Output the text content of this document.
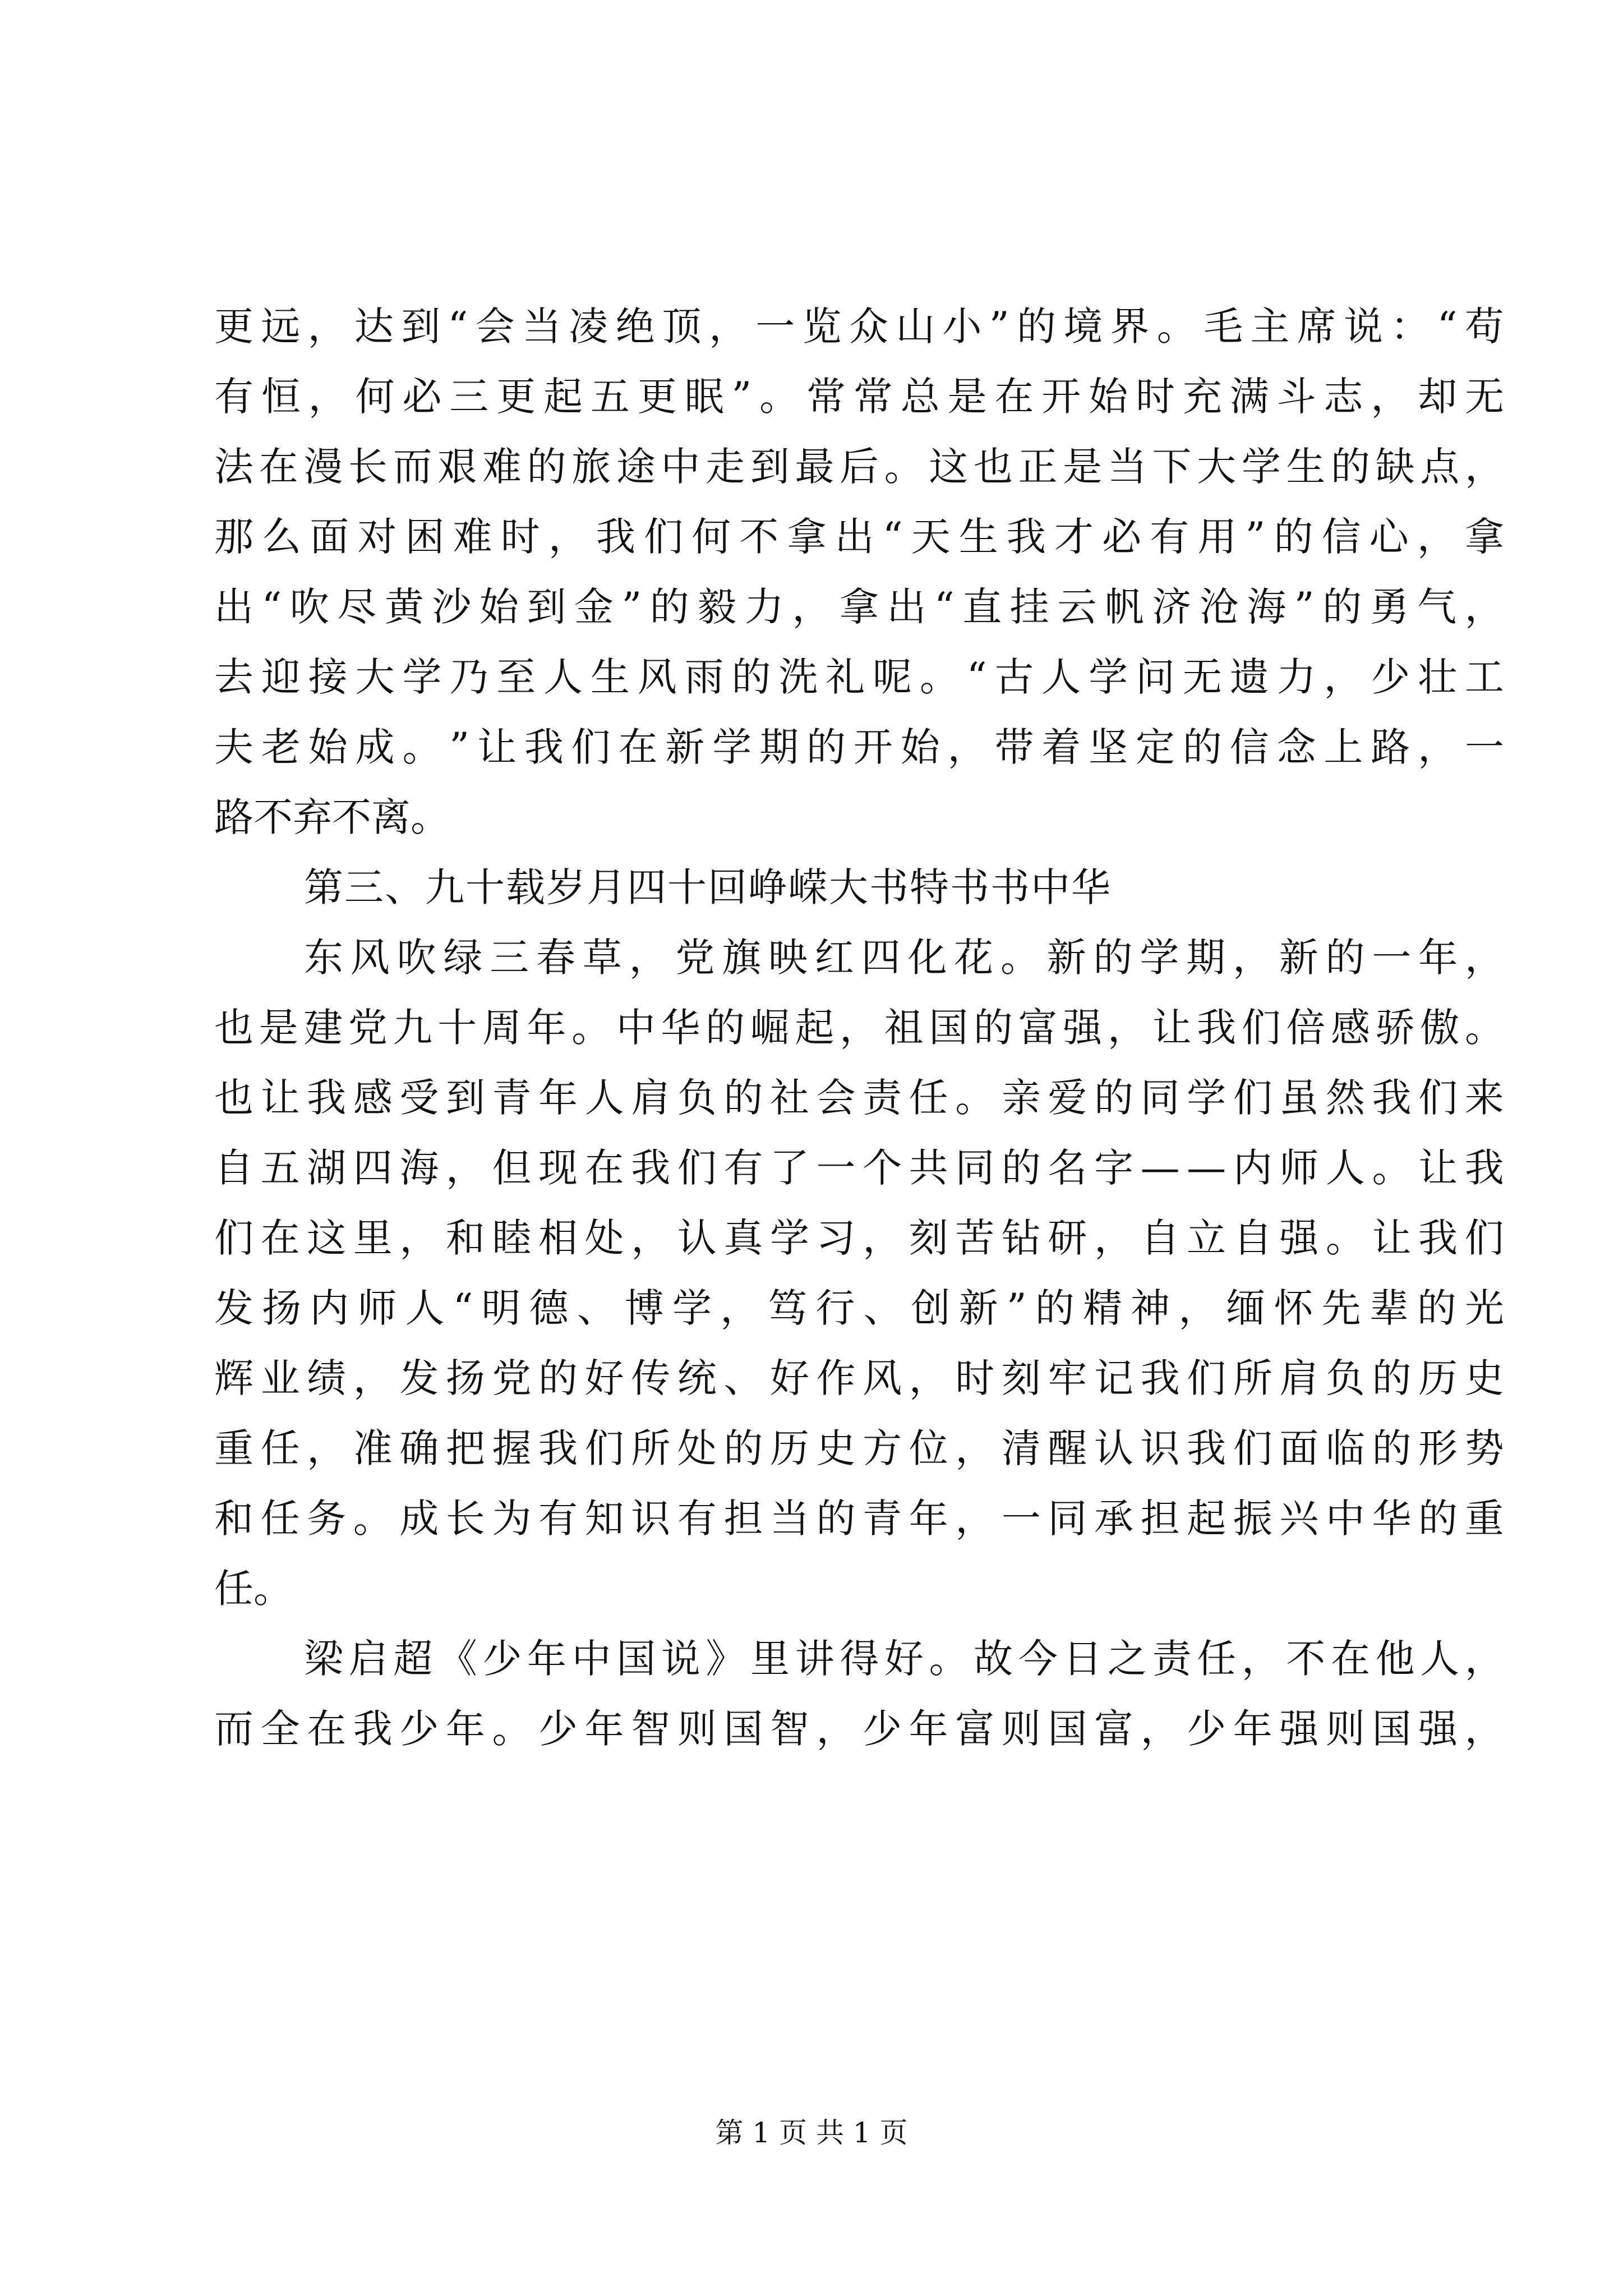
更 远 ， 达 到 “ 会 当 凌 绝 顶 ， 一 览 众 山 小 ” 的 境 界 。 毛 主 席 说 ： “ 苟
有 恒 ， 何 必 三 更 起 五 更 眠 ” 。 常 常 总 是 在 开 始 时 充 满 斗 志 ， 却 无
法 在 漫 长 而 艰 难 的 旅 途 中 走 到 最 后 。 这 也 正 是 当 下 大 学 生 的 缺 点 ，
那 么 面 对 困 难 时 ， 我 们 何 不 拿 出 “ 天 生 我 才 必 有 用 ” 的 信 心 ， 拿
出 “ 吹 尽 黄 沙 始 到 金 ” 的 毅 力 ， 拿 出 “ 直 挂 云 帆 济 沧 海 ” 的 勇 气 ，
去 迎 接 大 学 乃 至 人 生 风 雨 的 洗 礼 呢 。 “ 古 人 学 问 无 遗 力 ， 少 壮 工
夫 老 始 成 。 ” 让 我 们 在 新 学 期 的 开 始 ， 带 着 坚 定 的 信 念 上 路 ， 一
路不弃不离。
第三、九十载岁月四十回峥嵘大书特书书中华
东 风 吹 绿 三 春 草 ， 党 旗 映 红 四 化 花 。 新 的 学 期 ， 新 的 一 年 ，
也 是 建 党 九 十 周 年 。 中 华 的 崛 起 ， 祖 国 的 富 强 ， 让 我 们 倍 感 骄 傲 。
也 让 我 感 受 到 青 年 人 肩 负 的 社 会 责 任 。 亲 爱 的 同 学 们 虽 然 我 们 来
自 五 湖 四 海 ， 但 现 在 我 们 有 了 一 个 共 同 的 名 字 — — 内 师 人 。 让 我
们 在 这 里 ， 和 睦 相 处 ， 认 真 学 习 ， 刻 苦 钻 研 ， 自 立 自 强 。 让 我 们
发 扬 内 师 人 “ 明 德 、 博 学 ， 笃 行 、 创 新 ” 的 精 神 ， 缅 怀 先 辈 的 光
辉 业 绩 ， 发 扬 党 的 好 传 统 、 好 作 风 ， 时 刻 牢 记 我 们 所 肩 负 的 历 史
重 任 ， 准 确 把 握 我 们 所 处 的 历 史 方 位 ， 清 醒 认 识 我 们 面 临 的 形 势
和 任 务 。 成 长 为 有 知 识 有 担 当 的 青 年 ， 一 同 承 担 起 振 兴 中 华 的 重
任。
梁 启 超 《 少 年 中 国 说 》 里 讲 得 好 。 故 今 日 之 责 任 ， 不 在 他 人 ，
而 全 在 我 少 年 。 少 年 智 则 国 智 ， 少 年 富 则 国 富 ， 少 年 强 则 国 强 ，
第 1 页 共 1 页
